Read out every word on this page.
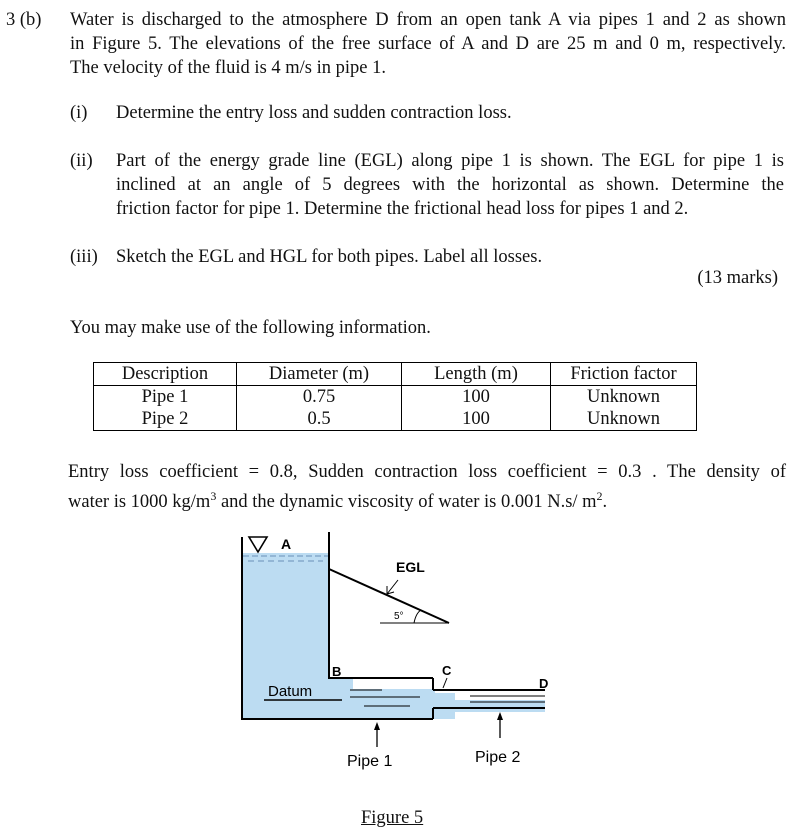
3 (b) Water is discharged to the atmosphere D from an open tank A via pipes 1 and 2 as shown
in Figure 5. The elevations of the free surface of A and D are 25 m and 0 m, respectively.
The velocity of the fluid is 4 m/s in pipe 1.
(i) Determine the entry loss and sudden contraction loss.
(ii) Part of the energy grade line (EGL) along pipe 1 is shown. The EGL for pipe 1 is
inclined at an angle of 5 degrees with the horizontal as shown. Determine the
friction factor for pipe 1. Determine the frictional head loss for pipes 1 and 2.
(iii) Sketch the EGL and HGL for both pipes. Label all losses.
(13 marks)
You may make use of the following information.
Description	Diameter (m)	Length (m)	Friction factor
Pipe 1	0.75	100	Unknown
Pipe 2	0.5	100	Unknown
Entry loss coefficient = 0.8, Sudden contraction loss coefficient = 0.3 . The density of
water is 1000 $kg/m^3$ and the dynamic viscosity of water is 0.001 N.s/ $m^2$.
A
Datum
B	C
D
EGL
5°
Pipe 1	Pipe 2
Figure 5
